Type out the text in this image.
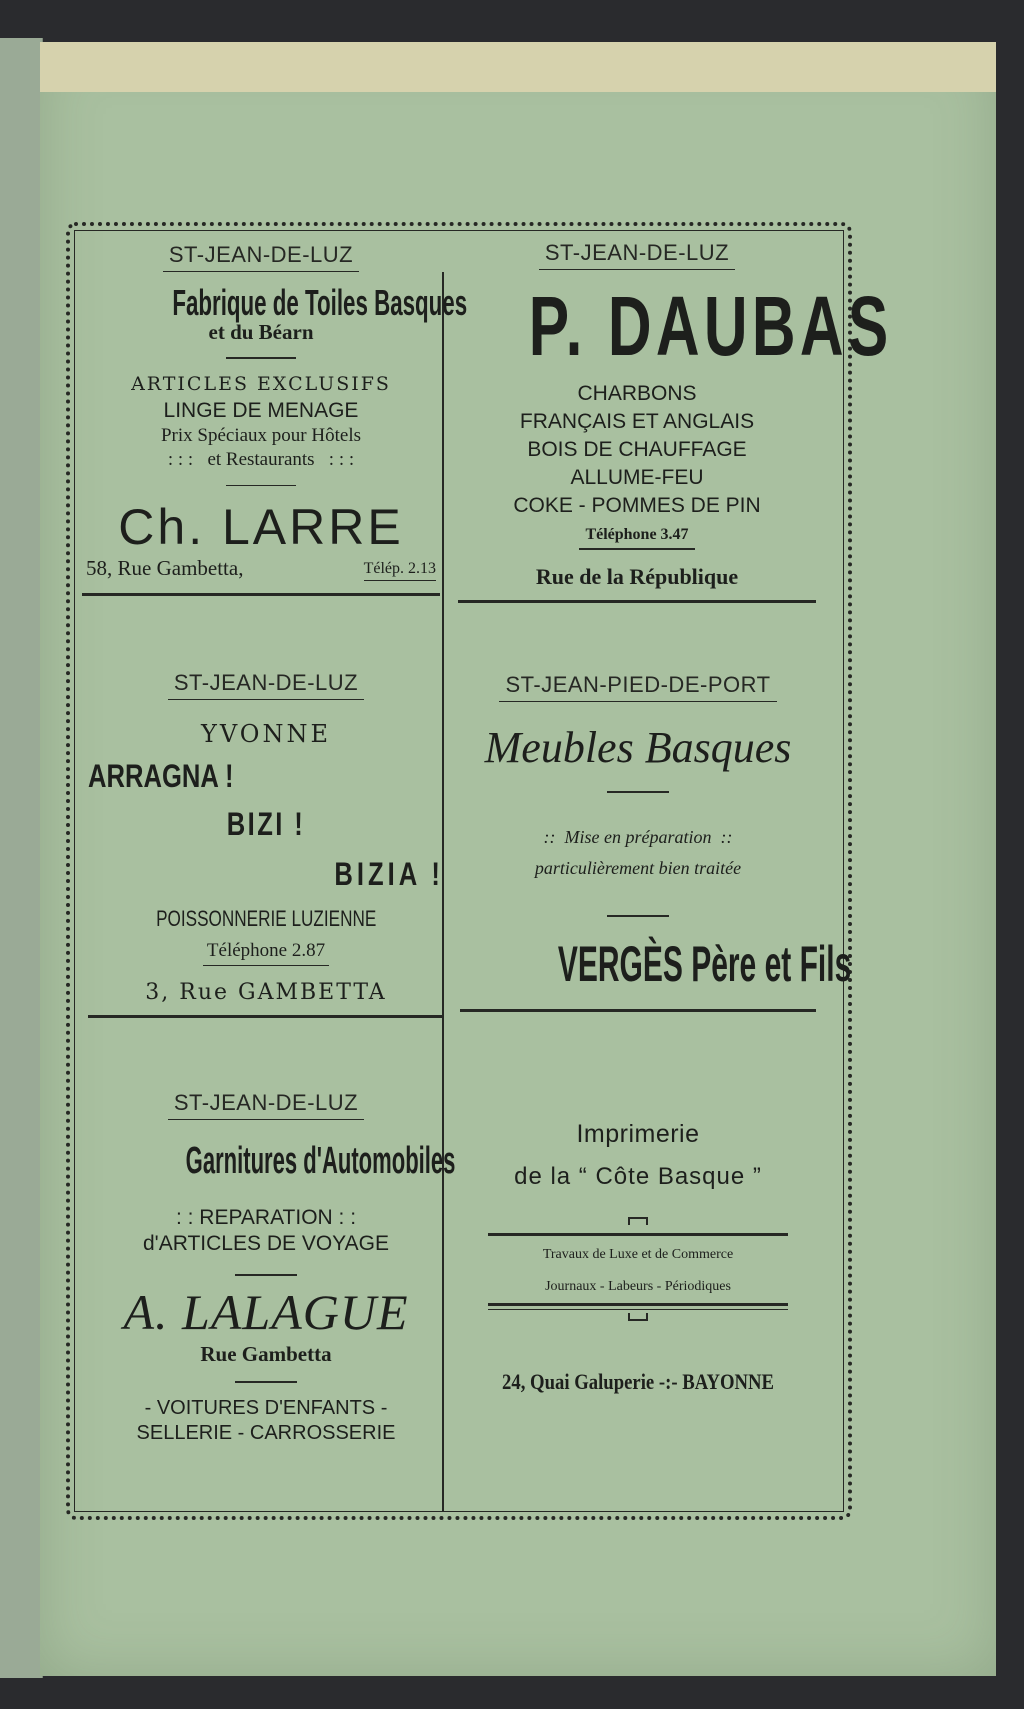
ST-JEAN-DE-LUZ
Fabrique de Toiles Basques
et du Béarn
ARTICLES EXCLUSIFS
LINGE DE MENAGE
Prix Spéciaux pour Hôtels
: : :   et Restaurants   : : :
Ch. LARRE
58, Rue Gambetta,	Télép. 2.13
ST-JEAN-DE-LUZ
P. DAUBAS
CHARBONS
FRANÇAIS ET ANGLAIS
BOIS DE CHAUFFAGE
ALLUME-FEU
COKE - POMMES DE PIN
Téléphone 3.47
Rue de la République
ST-JEAN-DE-LUZ
YVONNE
ARRAGNA !
BIZI !
BIZIA !
POISSONNERIE LUZIENNE
Téléphone 2.87
3, Rue GAMBETTA
ST-JEAN-PIED-DE-PORT
Meubles Basques
::  Mise en préparation  ::
particulièrement bien traitée
VERGÈS Père et Fils
ST-JEAN-DE-LUZ
Garnitures d'Automobiles
: : REPARATION : :
d'ARTICLES DE VOYAGE
A. LALAGUE
Rue Gambetta
- VOITURES D'ENFANTS -
SELLERIE - CARROSSERIE
Imprimerie
de la “ Côte Basque ”
Travaux de Luxe et de Commerce
Journaux - Labeurs - Périodiques
24, Quai Galuperie -:- BAYONNE
